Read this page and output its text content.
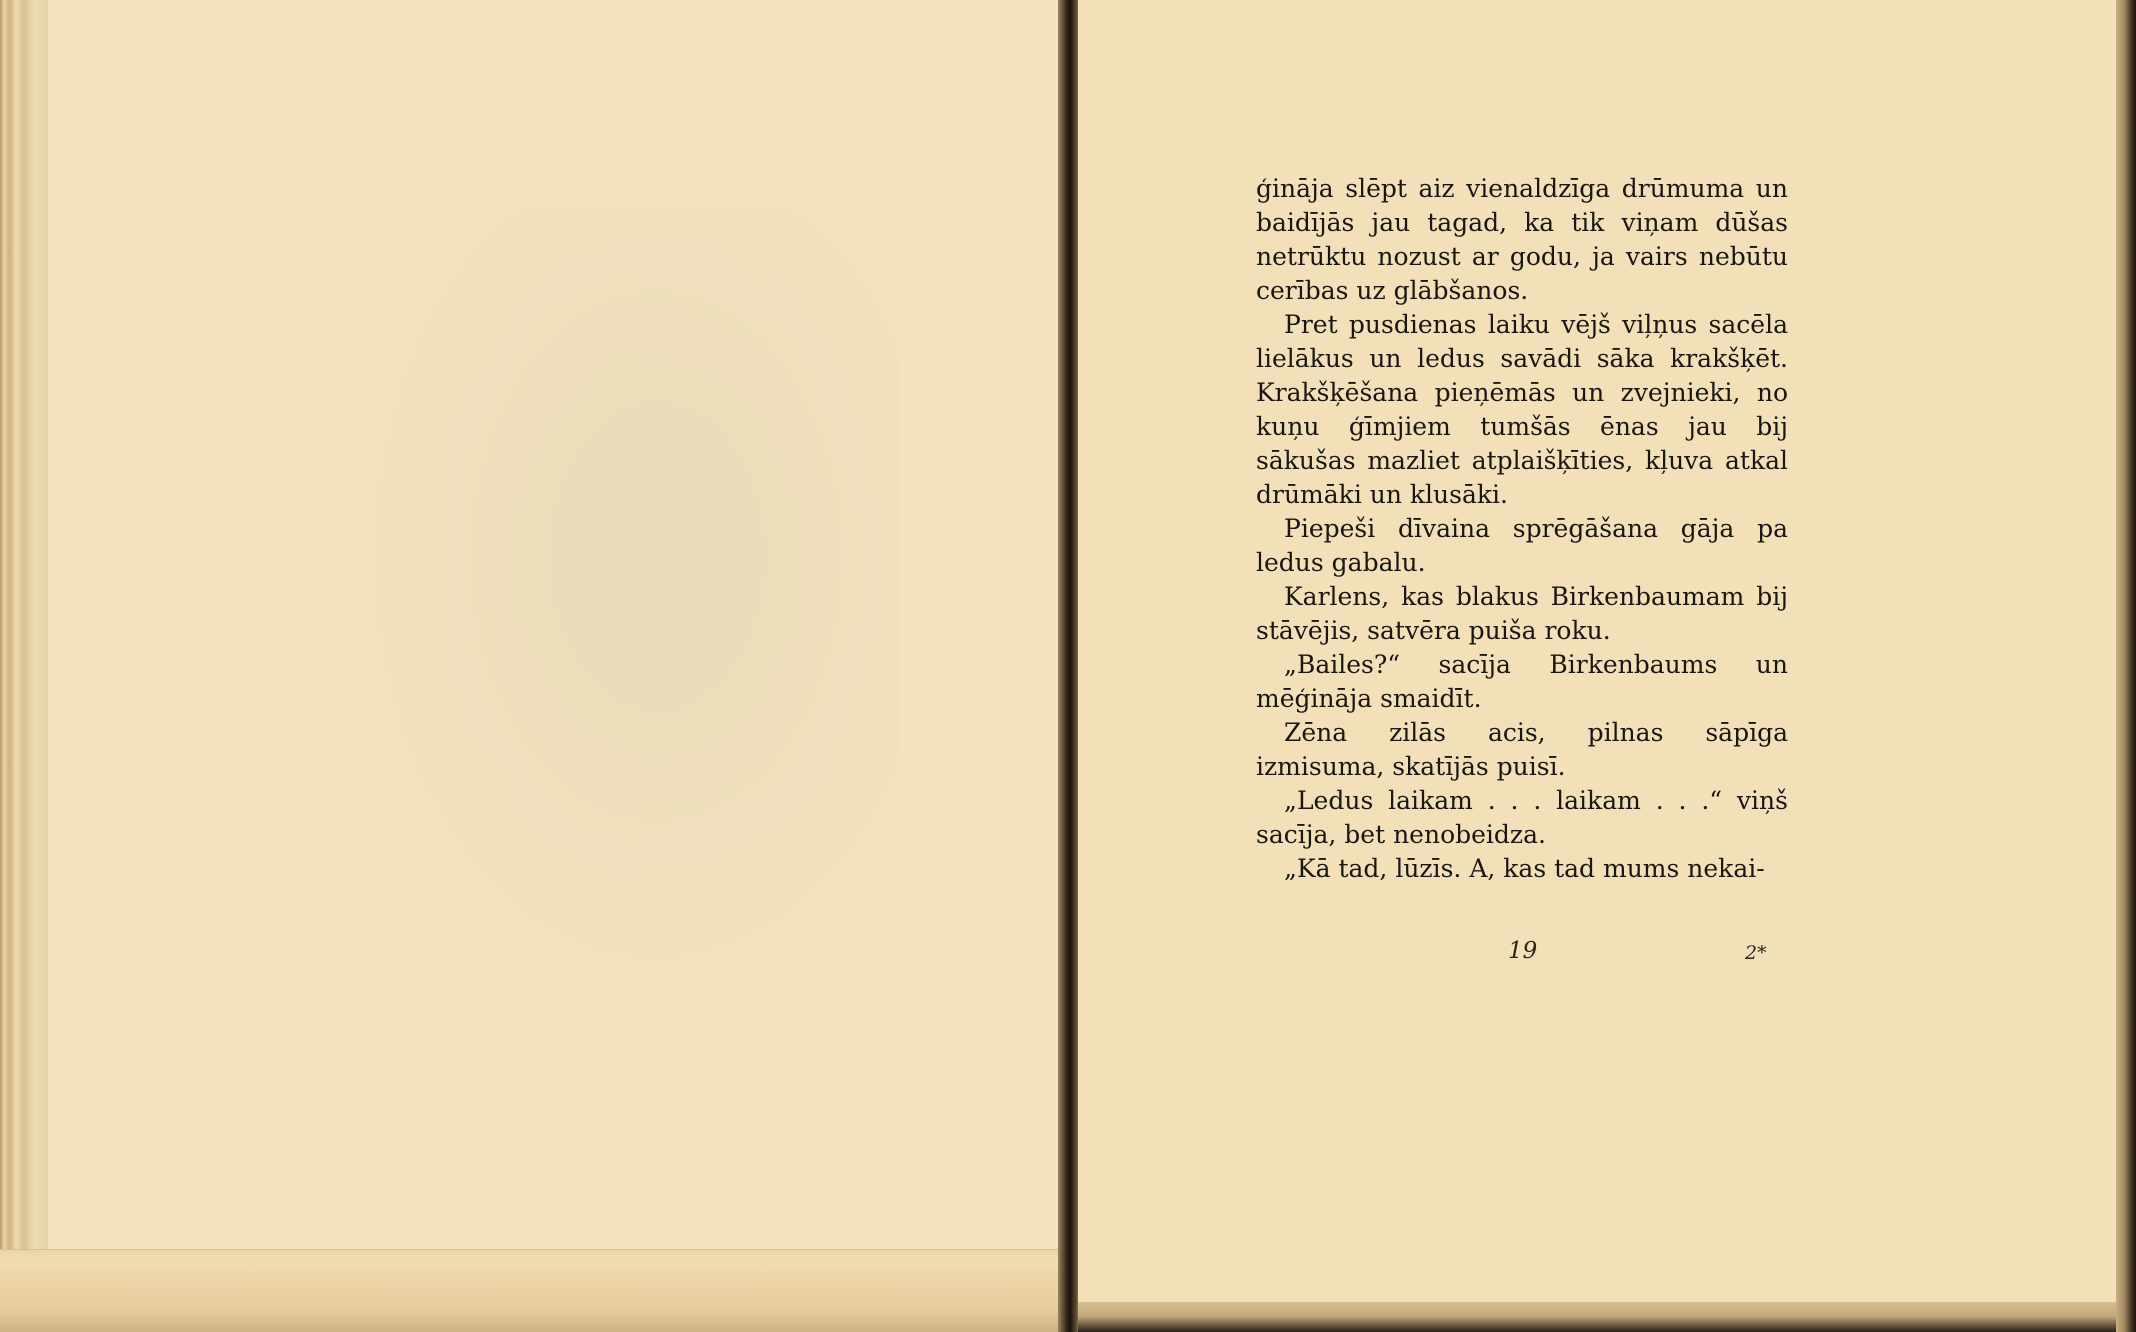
ģināja slēpt aiz vienaldzīga drūmuma un baidījās jau tagad, ka tik viņam dūšas netrūktu nozust ar godu, ja vairs nebūtu cerības uz glābšanos.

Pret pusdienas laiku vējš viļņus sacēla lielākus un ledus savādi sāka krakšķēt. Krakšķēšana pieņēmās un zvejnieki, no kuņu ģīmjiem tumšās ēnas jau bij sākušas mazliet atplaišķīties, kļuva atkal drūmāki un klusāki.

Piepeši dīvaina sprēgāšana gāja pa ledus gabalu.

Karlens, kas blakus Birkenbaumam bij stāvējis, satvēra puiša roku.

„Bailes?“ sacīja Birkenbaums un mēģināja smaidīt.

Zēna zilās acis, pilnas sāpīga izmisuma, skatījās puisī.

„Ledus laikam . . . laikam . . .“ viņš sacīja, bet nenobeidza.

„Kā tad, lūzīs. A, kas tad mums nekai-

19	2*
